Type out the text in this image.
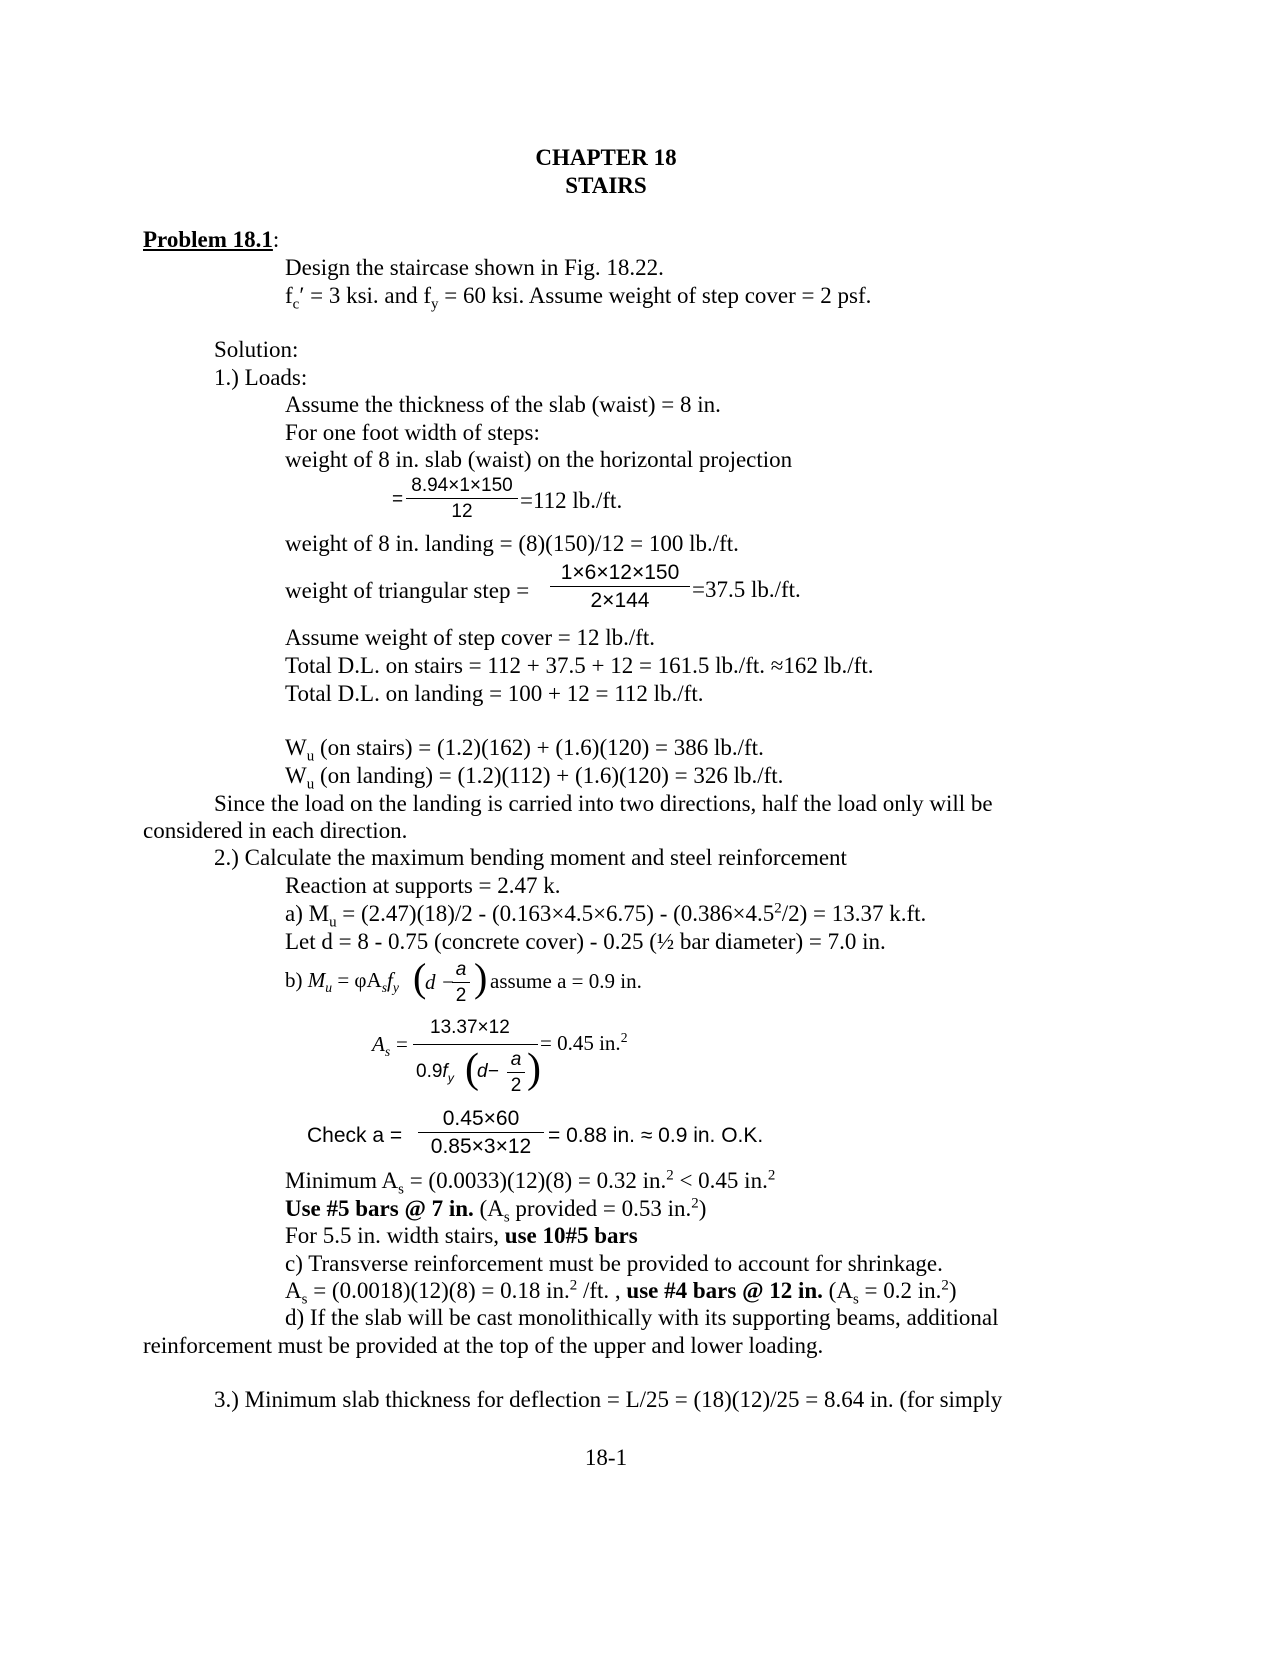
CHAPTER 18
STAIRS
Problem 18.1:
Design the staircase shown in Fig. 18.22.
$f_c' = 3$ ksi. and $f_y = 60$ ksi. Assume weight of step cover = 2 psf.
Solution:
1.) Loads:
Assume the thickness of the slab (waist) = 8 in.
For one foot width of steps:
weight of 8 in. slab (waist) on the horizontal projection
=
8.94×1×150
12	=112 lb./ft.
weight of 8 in. landing = (8)(150)/12 = 100 lb./ft.
weight of triangular step =
1×6×12×150
2×144	=37.5 lb./ft.
Assume weight of step cover = 12 lb./ft.
Total D.L. on stairs = 112 + 37.5 + 12 = 161.5 lb./ft. ≈162 lb./ft.
Total D.L. on landing = 100 + 12 = 112 lb./ft.
$W_u$ (on stairs) = (1.2)(162) + (1.6)(120) = 386 lb./ft.
$W_u$ (on landing) = (1.2)(112) + (1.6)(120) = 326 lb./ft.
Since the load on the landing is carried into two directions, half the load only will be
considered in each direction.
2.) Calculate the maximum bending moment and steel reinforcement
Reaction at supports = 2.47 k.
a) $M_u = (2.47)(18)/2 - (0.163\times 4.5\times 6.75) - (0.386\times 4.5^2/2) = 13.37$ k.ft.
Let d = 8 - 0.75 (concrete cover) - 0.25 (½ bar diameter) = 7.0 in.
b) $M_u = \varphi A_sf_y$ (
d −
a
2 ) assume a = 0.9 in.
$A_s$ =
13.37×12
$0.9f_y$ (
d−
a
2 )
= 0.45 in.$^2$
Check a =
0.45×60
0.85×3×12 = 0.88 in. ≈ 0.9 in. O.K.
Minimum $A_s = (0.0033)(12)(8) = 0.32$ in.$^2$ < 0.45 in.$^2$
Use #5 bars @ 7 in. ($A_s$ provided = 0.53 in.$^2$)
For 5.5 in. width stairs, use 10#5 bars
c) Transverse reinforcement must be provided to account for shrinkage.
$A_s = (0.0018)(12)(8) = 0.18$ in.$^2$ /ft. , use #4 bars @ 12 in. ($A_s = 0.2$ in.$^2$)
d) If the slab will be cast monolithically with its supporting beams, additional
reinforcement must be provided at the top of the upper and lower loading.
3.) Minimum slab thickness for deflection = L/25 = (18)(12)/25 = 8.64 in. (for simply
18-1
